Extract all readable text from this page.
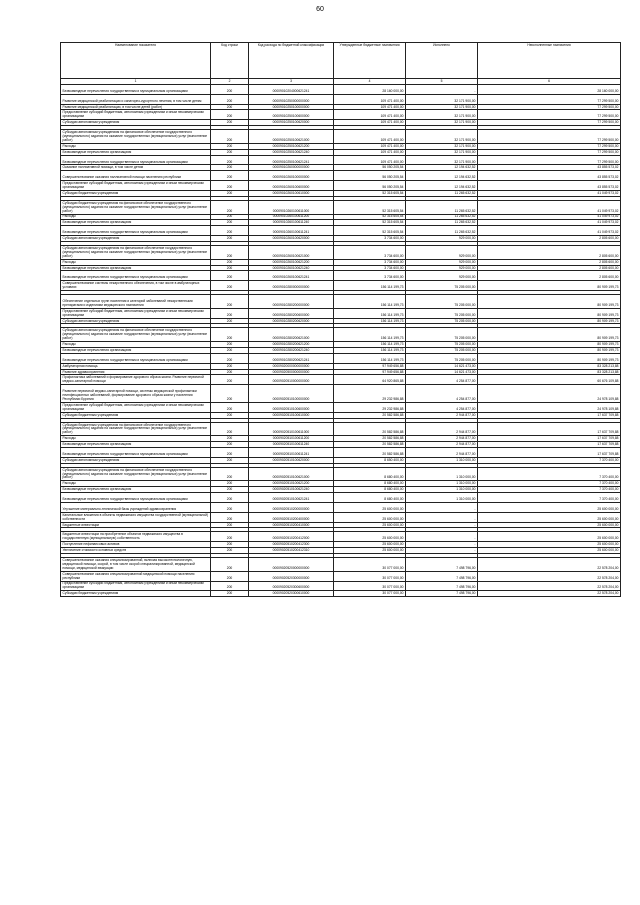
60
Наименование показателя	Код строки	Код расхода по бюджетной классификации	Утвержденные бюджетные назначения	Исполнено	Неисполненные назначения
1	2	3	4	5	6
Безвозмездные перечисления государственным и муниципальным организациям	200	00009010204000621241	28 160 000,00	-	28 160 000,00
Развитие медицинской реабилитации и санаторно-курортного лечения, в том числе детям	200	00009010250000000000	109 471 400,00	32 171 900,00	77 299 500,00
Развитие медицинской реабилитации, в том числе детей (работ)	200	00009010250100000000	109 471 400,00	32 171 900,00	77 299 500,00
Предоставление субсидий бюджетным, автономным учреждениям и иным некоммерческим организациям	200	00009010250100600000	109 471 400,00	32 171 900,00	77 299 500,00
Субсидии автономным учреждениям	200	00009010250100620000	109 471 400,00	32 171 900,00	77 299 500,00

Субсидии автономным учреждениям на финансовое обеспечение государственного (муниципального) задания на оказание государственных (муниципальных) услуг (выполнение работ)	200	00009010250100621000	109 471 400,00	32 171 900,00	77 299 500,00
Расходы	200	00009010250100621200	109 471 400,00	32 171 900,00	77 299 500,00
Безвозмездные перечисления организациям	200	00009010250100621240	109 471 400,00	32 171 900,00	77 299 500,00
Безвозмездные перечисления государственным и муниципальным организациям	200	00009010250100621241	109 471 400,00	32 171 900,00	77 299 500,00
Оказание паллиативной помощи, в том числе детям	200	00009010260000000000	56 050 205,54	12 194 632,52	43 855 573,02
Совершенствование оказания паллиативной помощи населению республики	200	00009010260100000000	56 050 205,54	12 194 632,52	43 855 573,02
Предоставление субсидий бюджетным, автономным учреждениям и иным некоммерческим организациям	200	00009010260100600000	56 050 205,54	12 194 632,52	43 855 573,02
Субсидии бюджетным учреждениям	200	00009010260100610000	52 315 605,54	11 265 632,52	41 049 973,02

Субсидии бюджетным учреждениям на финансовое обеспечение государственного (муниципального) задания на оказание государственных (муниципальных) услуг (выполнение работ)	200	00009010260100611000	52 315 605,54	11 265 632,52	41 049 973,02
Расходы	200	00009010260100611200	52 315 605,54	11 265 632,52	41 049 973,02
Безвозмездные перечисления организациям	200	00009010260100611240	52 315 605,54	11 265 632,52	41 049 973,02
Безвозмездные перечисления государственным и муниципальным организациям	200	00009010260100611241	52 315 605,54	11 265 632,52	41 049 973,02
Субсидии автономным учреждениям	200	00009010260100620000	3 734 600,00	929 000,00	2 805 600,00

Субсидии автономным учреждениям на финансовое обеспечение государственного (муниципального) задания на оказание государственных (муниципальных) услуг (выполнение работ)	200	00009010260100621000	3 734 600,00	929 000,00	2 805 600,00
Расходы	200	00009010260100621200	3 734 600,00	929 000,00	2 805 600,00
Безвозмездные перечисления организациям	200	00009010260100621240	3 734 600,00	929 000,00	2 805 600,00
Безвозмездные перечисления государственным и муниципальным организациям	200	00009010260100621241	3 734 600,00	929 000,00	2 805 600,00
Совершенствование системы лекарственного обеспечения, в том числе в амбулаторных условиях	200	00009010280000000000	156 114 199,73	75 205 000,00	80 909 199,73

Обеспечение отдельных групп населения и категорий заболеваний лекарственными препаратами и изделиями медицинского назначения	200	00009010280200000000	156 114 199,73	75 205 000,00	80 909 199,73
Предоставление субсидий бюджетным, автономным учреждениям и иным некоммерческим организациям	200	00009010280200600000	156 114 199,73	75 205 000,00	80 909 199,73
Субсидии автономным учреждениям	200	00009010280200620000	156 114 199,73	75 205 000,00	80 909 199,73

Субсидии автономным учреждениям на финансовое обеспечение государственного (муниципального) задания на оказание государственных (муниципальных) услуг (выполнение работ)	200	00009010280200621000	156 114 199,73	75 205 000,00	80 909 199,73
Расходы	200	00009010280200621200	156 114 199,73	75 205 000,00	80 909 199,73
Безвозмездные перечисления организациям	200	00009010280200621240	156 114 199,73	75 205 000,00	80 909 199,73
Безвозмездные перечисления государственным и муниципальным организациям	200	00009010280200621241	156 114 199,73	75 205 000,00	80 909 199,73
Амбулаторная помощь	200	00009020000000000000	97 949 656,88	14 621 473,00	83 328 213,88
Развитие здравоохранения	200	00009020500000000000	97 949 656,88	14 621 473,00	83 328 213,88
Профилактика заболеваний и формирование здорового образа жизни. Развитие первичной медико-санитарной помощи	200	00009020510000000000	64 920 865,88	4 254 877,00	60 676 109,88
Развитие первичной медико-санитарной помощи, системы медицинской профилактики неинфекционных заболеваний, формирование здорового образа жизни у населения Республики Бурятия	200	00009020510100000000	29 232 986,88	4 254 877,00	24 978 109,88
Предоставление субсидий бюджетным, автономным учреждениям и иным некоммерческим организациям	200	00009020510100600000	29 232 986,88	4 254 877,00	24 978 109,88
Субсидии бюджетным учреждениям	200	00009020510100610000	20 582 586,88	2 944 877,00	17 637 709,88

Субсидии бюджетным учреждениям на финансовое обеспечение государственного (муниципального) задания на оказание государственных (муниципальных) услуг (выполнение работ)	200	00009020510100611000	20 582 586,88	2 944 877,00	17 637 709,88
Расходы	200	00009020510100611200	20 582 586,88	2 944 877,00	17 637 709,88
Безвозмездные перечисления организациям	200	00009020510100611240	20 582 586,88	2 944 877,00	17 637 709,88
Безвозмездные перечисления государственным и муниципальным организациям	200	00009020510100611241	20 582 586,88	2 944 877,00	17 637 709,88
Субсидии автономным учреждениям	200	00009020510100620000	8 650 400,00	1 310 000,00	7 370 400,00

Субсидии автономным учреждениям на финансовое обеспечение государственного (муниципального) задания на оказание государственных (муниципальных) услуг (выполнение работ)	200	00009020510100621000	8 680 400,00	1 310 000,00	7 370 400,00
Расходы	200	00009020510100621200	8 680 400,00	1 310 000,00	7 370 400,00
Безвозмездные перечисления организациям	200	00009020510100621240	8 680 400,00	1 310 000,00	7 370 400,00
Безвозмездные перечисления государственным и муниципальным организациям	200	00009020510100621241	8 680 400,00	1 310 000,00	7 370 400,00
Улучшение материально-технической базы учреждений здравоохранения	200	00009020510200000000	25 600 000,00	-	25 600 000,00
Капитальные вложения в объекты недвижимого имущества государственной (муниципальной) собственности	200	00009020510200400000	25 600 000,00	-	25 600 000,00
Бюджетные инвестиции	200	00009020510200410000	25 600 000,00	-	25 600 000,00

Бюджетные инвестиции на приобретение объектов недвижимого имущества в государственную (муниципальную) собственность	200	00009020510200412000	25 600 000,00	-	25 600 000,00
Поступление нефинансовых активов	200	00009020510200412300	25 600 000,00	-	25 600 000,00
Увеличение стоимости основных средств	200	00009020510200412310	25 600 000,00	-	25 600 000,00

Совершенствование оказания специализированной, включая высокотехнологичную, медицинской помощи, скорой, в том числе скорой специализированной, медицинской помощи, медицинской эвакуации	200	00009020520000000000	30 077 000,00	7 498 796,00	22 578 204,00
Совершенствование оказания специализированной медицинской помощи населению республики	200	00009020520300000000	30 077 000,00	7 498 796,00	22 578 204,00
Предоставление субсидий бюджетным, автономным учреждениям и иным некоммерческим организациям	200	00009020520300600000	30 077 000,00	7 498 796,00	22 578 204,00
Субсидии бюджетным учреждениям	200	00009020520300610000	30 077 000,00	7 498 796,00	22 578 204,00
